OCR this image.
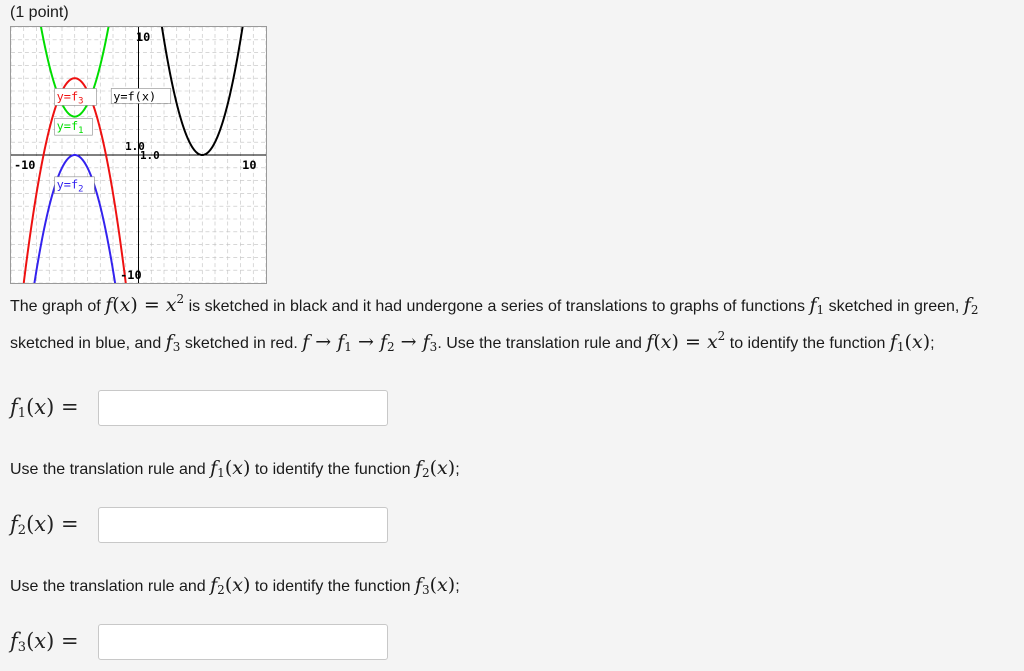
(1 point)
-10	10
10
-10
1.0
1.0
y=f(x)
$y=f_3$
$y=f_1$
$y=f_2$
The graph of $f(x) = x^2$ is sketched in black and it had undergone a series of translations to graphs of functions $f_1$ sketched in green, $f_2$ sketched in blue, and $f_3$ sketched in red. $f \to f_1 \to f_2 \to f_3$. Use the translation rule and $f(x) = x^2$ to identify the function $f_1(x)$;
$f_1(x)$ =
Use the translation rule and $f_1(x)$ to identify the function $f_2(x)$;
$f_2(x)$ =
Use the translation rule and $f_2(x)$ to identify the function $f_3(x)$;
$f_3(x)$ =
